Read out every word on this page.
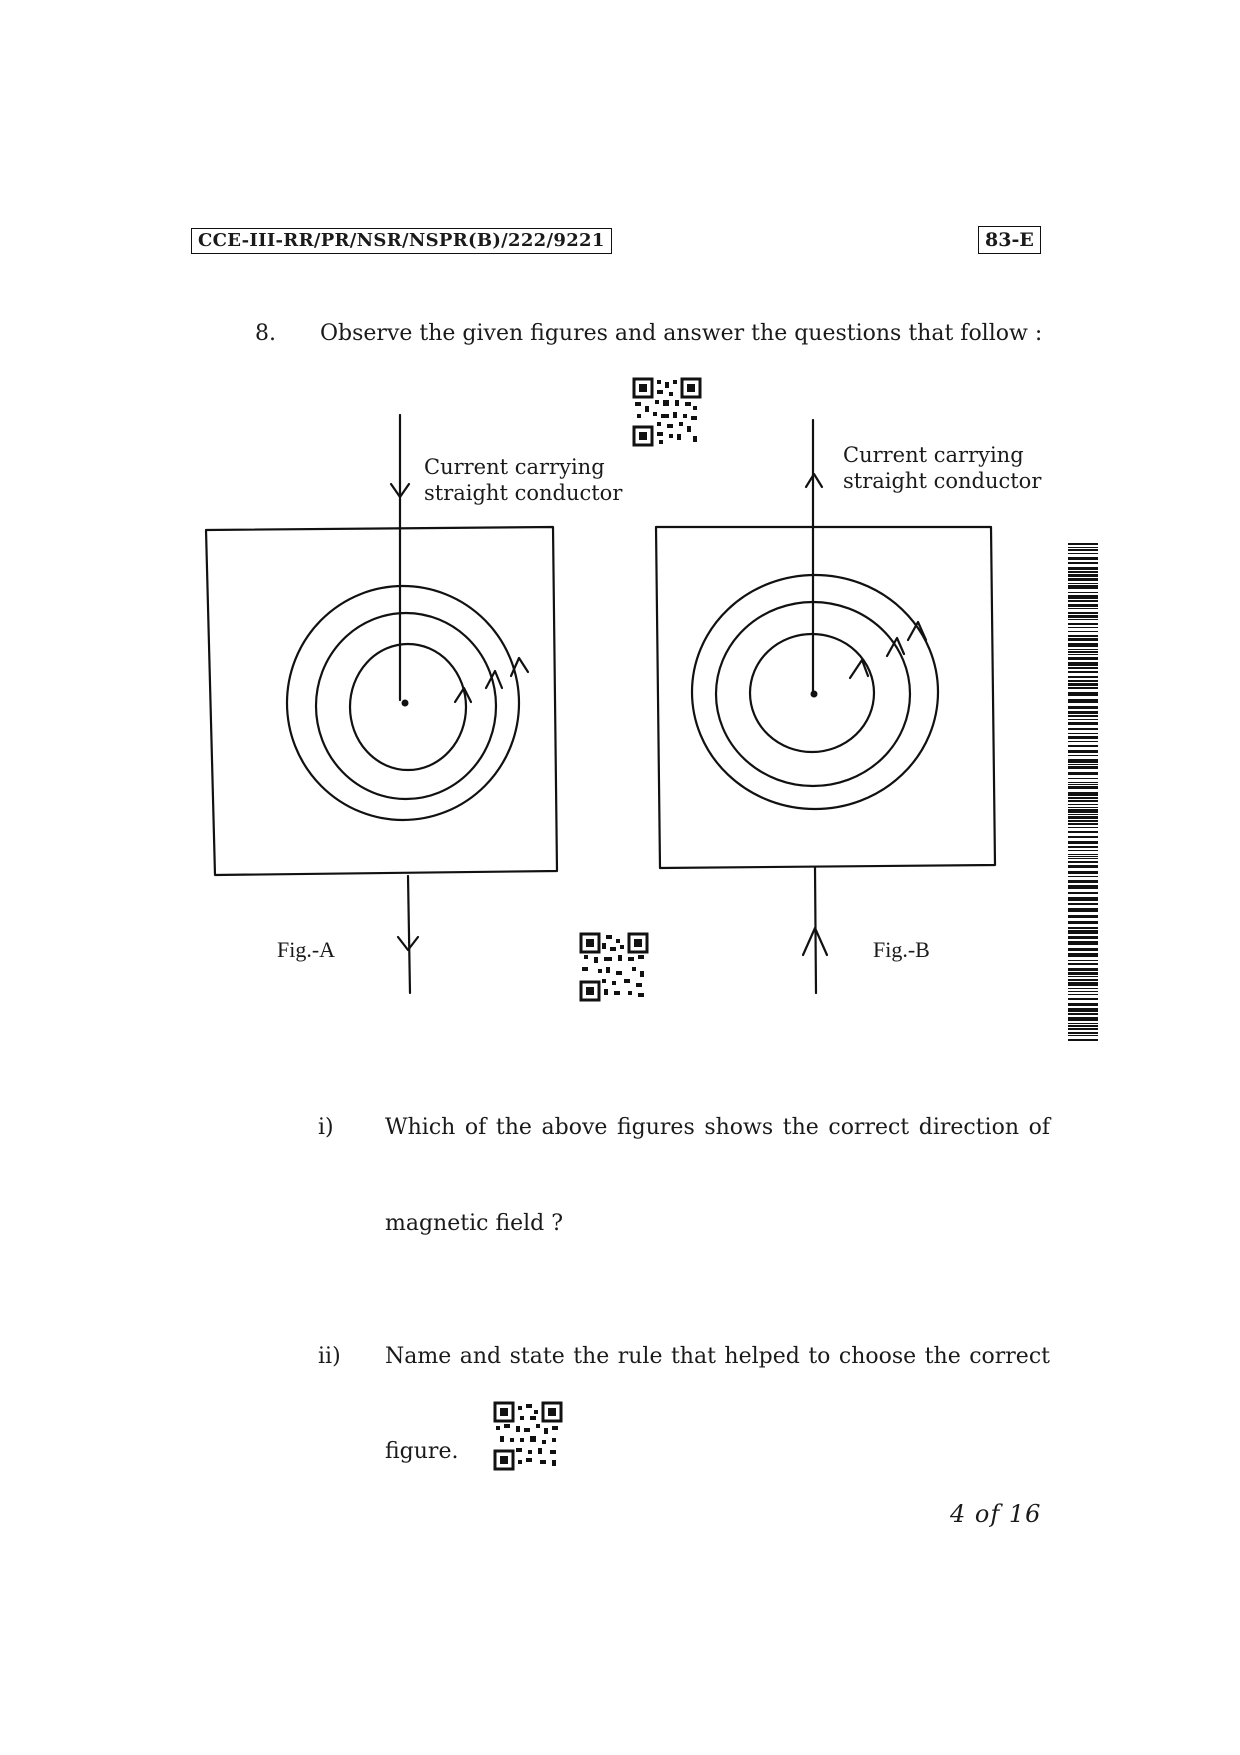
CCE-III-RR/PR/NSR/NSPR(B)/222/9221	83-E
8. Observe the given figures and answer the questions that follow :
Current carrying
straight conductor
Current carrying
straight conductor
Fig.-A	Fig.-B
i) Which of the above figures shows the correct direction of
magnetic field ?
ii) Name and state the rule that helped to choose the correct
figure.
4 of 16
